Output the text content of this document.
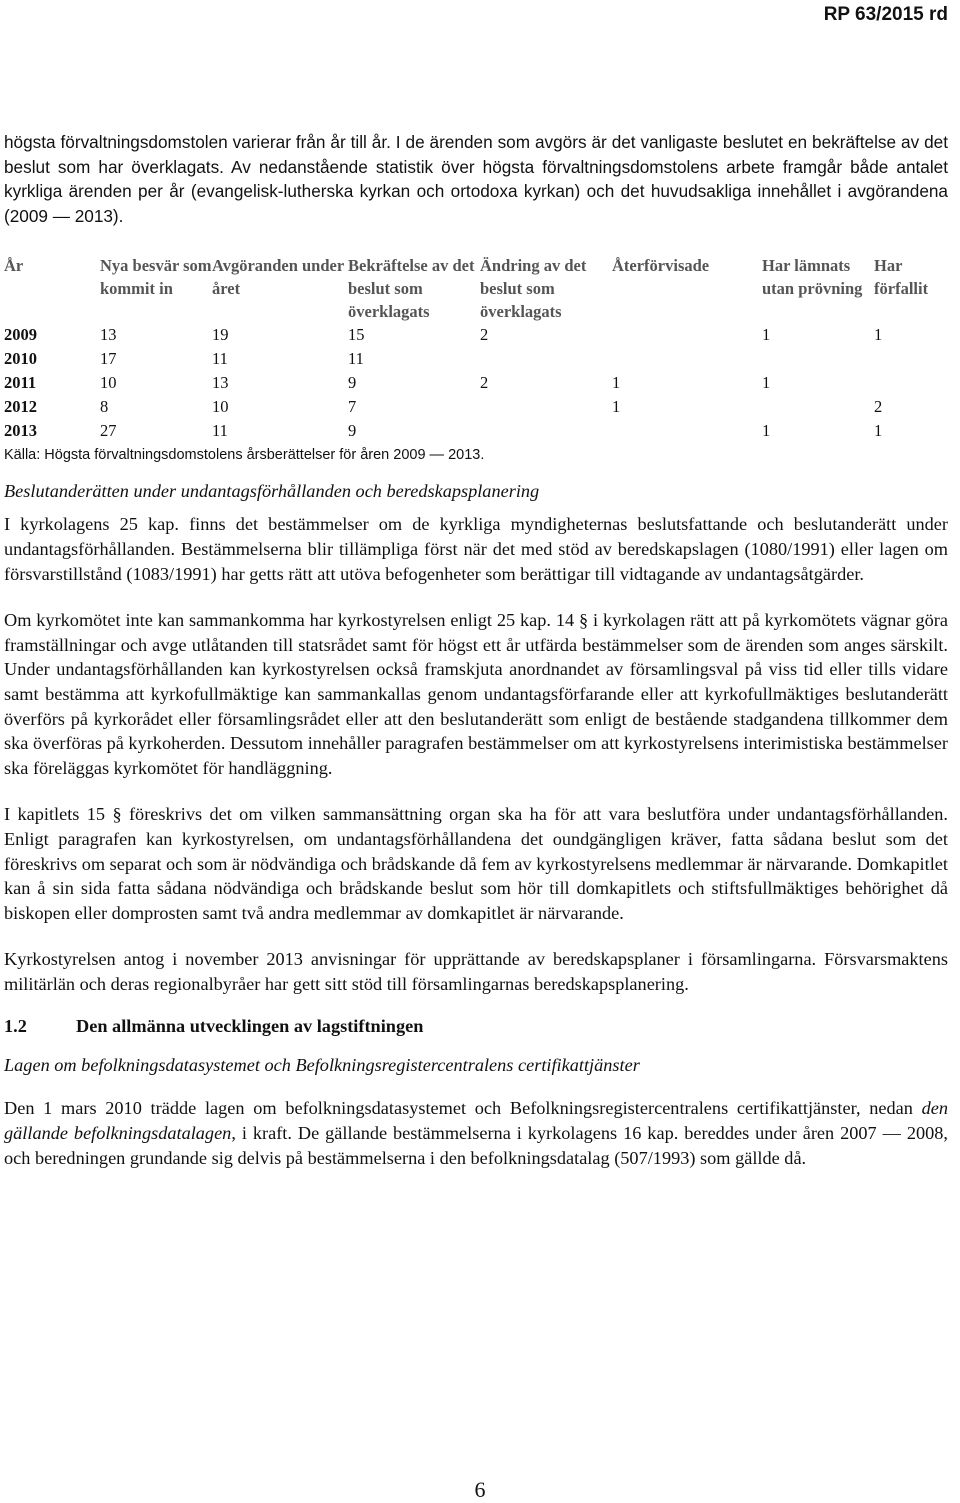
RP 63/2015 rd

högsta förvaltningsdomstolen varierar från år till år. I de ärenden som avgörs är det vanligaste beslutet en bekräftelse av det beslut som har överklagats. Av nedanstående statistik över högsta förvaltningsdomstolens arbete framgår både antalet kyrkliga ärenden per år (evangelisk-lutherska kyrkan och ortodoxa kyrkan) och det huvudsakliga innehållet i avgörandena (2009 — 2013).

År	Nya besvär som kommit in	Avgöranden under året	Bekräftelse av det beslut som överklagats	Ändring av det beslut som överklagats	Återförvisade	Har lämnats utan prövning	Har förfallit
2009	13	19	15	2		1	1
2010	17	11	11				
2011	10	13	9	2	1	1	
2012	8	10	7		1		2
2013	27	11	9			1	1
Källa: Högsta förvaltningsdomstolens årsberättelser för åren 2009 — 2013.
Beslutanderätten under undantagsförhållanden och beredskapsplanering

I kyrkolagens 25 kap. finns det bestämmelser om de kyrkliga myndigheternas beslutsfattande och beslutanderätt under undantagsförhållanden. Bestämmelserna blir tillämpliga först när det med stöd av beredskapslagen (1080/1991) eller lagen om försvarstillstånd (1083/1991) har getts rätt att utöva befogenheter som berättigar till vidtagande av undantagsåtgärder.

Om kyrkomötet inte kan sammankomma har kyrkostyrelsen enligt 25 kap. 14 § i kyrkolagen rätt att på kyrkomötets vägnar göra framställningar och avge utlåtanden till statsrådet samt för högst ett år utfärda bestämmelser som de ärenden som anges särskilt. Under undantagsförhållanden kan kyrkostyrelsen också framskjuta anordnandet av församlingsval på viss tid eller tills vidare samt bestämma att kyrkofullmäktige kan sammankallas genom undantagsförfarande eller att kyrkofullmäktiges beslutanderätt överförs på kyrkorådet eller församlingsrådet eller att den beslutanderätt som enligt de bestående stadgandena tillkommer dem ska överföras på kyrkoherden. Dessutom innehåller paragrafen bestämmelser om att kyrkostyrelsens interimistiska bestämmelser ska föreläggas kyrkomötet för handläggning.

I kapitlets 15 § föreskrivs det om vilken sammansättning organ ska ha för att vara beslutföra under undantagsförhållanden. Enligt paragrafen kan kyrkostyrelsen, om undantagsförhållandena det oundgängligen kräver, fatta sådana beslut som det föreskrivs om separat och som är nödvändiga och brådskande då fem av kyrkostyrelsens medlemmar är närvarande. Domkapitlet kan å sin sida fatta sådana nödvändiga och brådskande beslut som hör till domkapitlets och stiftsfullmäktiges behörighet då biskopen eller domprosten samt två andra medlemmar av domkapitlet är närvarande.

Kyrkostyrelsen antog i november 2013 anvisningar för upprättande av beredskapsplaner i församlingarna. Försvarsmaktens militärlän och deras regionalbyråer har gett sitt stöd till församlingarnas beredskapsplanering.

1.2	Den allmänna utvecklingen av lagstiftningen
Lagen om befolkningsdatasystemet och Befolkningsregistercentralens certifikattjänster

Den 1 mars 2010 trädde lagen om befolkningsdatasystemet och Befolkningsregistercentralens certifikattjänster, nedan den gällande befolkningsdatalagen, i kraft. De gällande bestämmelserna i kyrkolagens 16 kap. bereddes under åren 2007 — 2008, och beredningen grundande sig delvis på bestämmelserna i den befolkningsdatalag (507/1993) som gällde då.

6
